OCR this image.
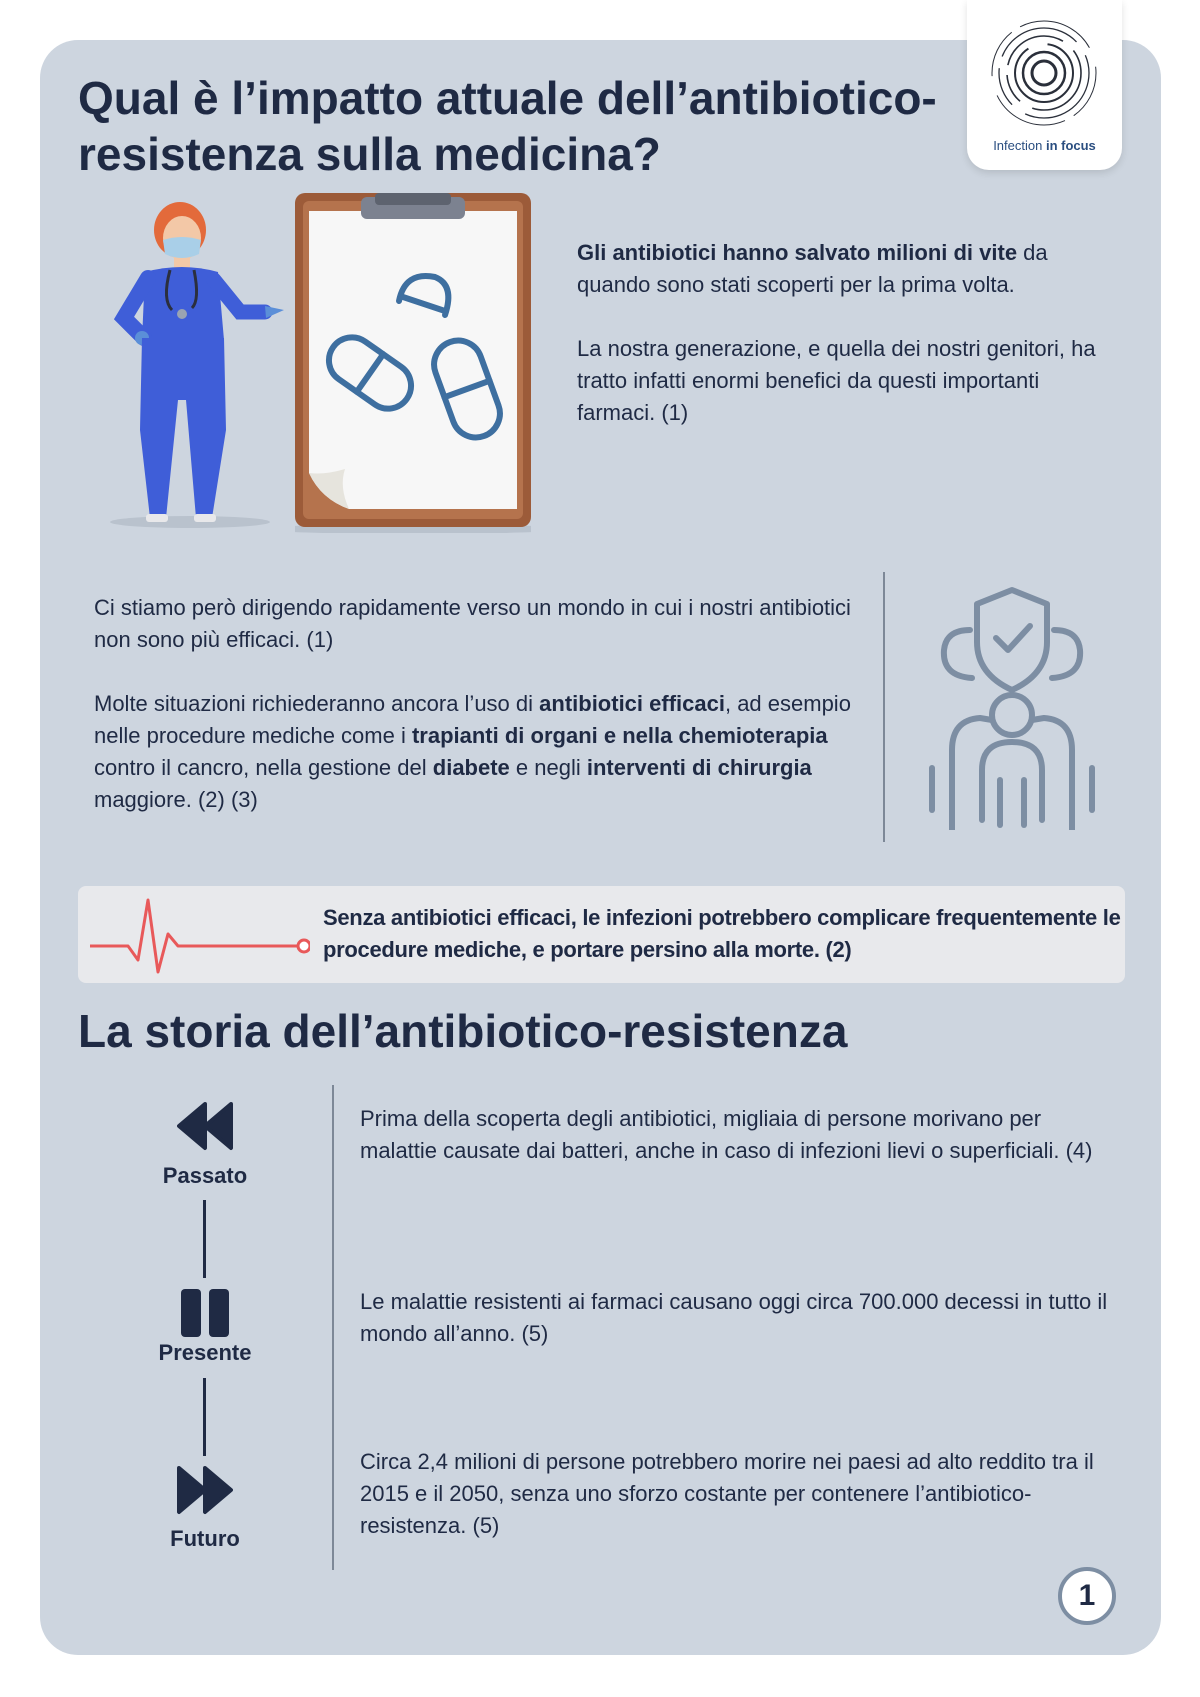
Infection in focus
Qual è l’impatto attuale dell’antibiotico-resistenza sulla medicina?

Gli antibiotici hanno salvato milioni di vite da quando sono stati scoperti per la prima volta.

La nostra generazione, e quella dei nostri genitori, ha tratto infatti enormi benefici da questi importanti farmaci. (1)

Ci stiamo però dirigendo rapidamente verso un mondo in cui i nostri antibiotici non sono più efficaci. (1)

Molte situazioni richiederanno ancora l’uso di antibiotici efficaci, ad esempio nelle procedure mediche come i trapianti di organi e nella chemioterapia contro il cancro, nella gestione del diabete e negli interventi di chirurgia maggiore. (2) (3)

Senza antibiotici efficaci, le infezioni potrebbero complicare frequentemente le procedure mediche, e portare persino alla morte. (2)
La storia dell’antibiotico-resistenza
Passato
Prima della scoperta degli antibiotici, migliaia di persone morivano per malattie causate dai batteri, anche in caso di infezioni lievi o superficiali. (4)
Presente
Le malattie resistenti ai farmaci causano oggi circa 700.000 decessi in tutto il mondo all’anno. (5)
Futuro
Circa 2,4 milioni di persone potrebbero morire nei paesi ad alto reddito tra il 2015 e il 2050, senza uno sforzo costante per contenere l’antibiotico-resistenza. (5)
1
